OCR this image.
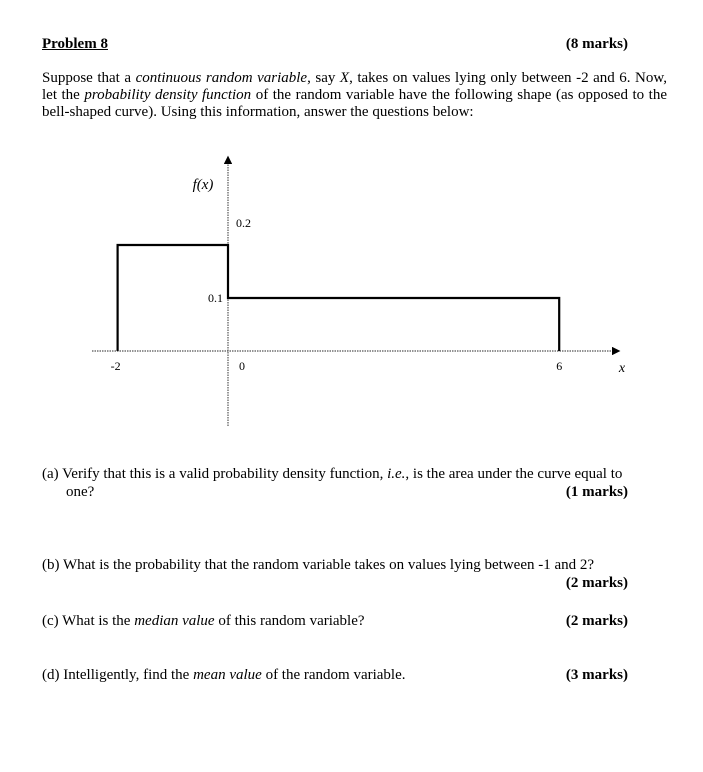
Problem 8	(8 marks)
Suppose that a continuous random variable, say X, takes on values lying only between -2 and 6. Now, let the probability density function of the random variable have the following shape (as opposed to the bell-shaped curve). Using this information, answer the questions below:
f(x)
x
-2	0	6
0.1
0.2
(a) Verify that this is a valid probability density function, i.e., is the area under the curve equal to
one?	(1 marks)
(b) What is the probability that the random variable takes on values lying between -1 and 2?
(2 marks)
(c) What is the median value of this random variable?	(2 marks)
(d) Intelligently, find the mean value of the random variable.	(3 marks)
